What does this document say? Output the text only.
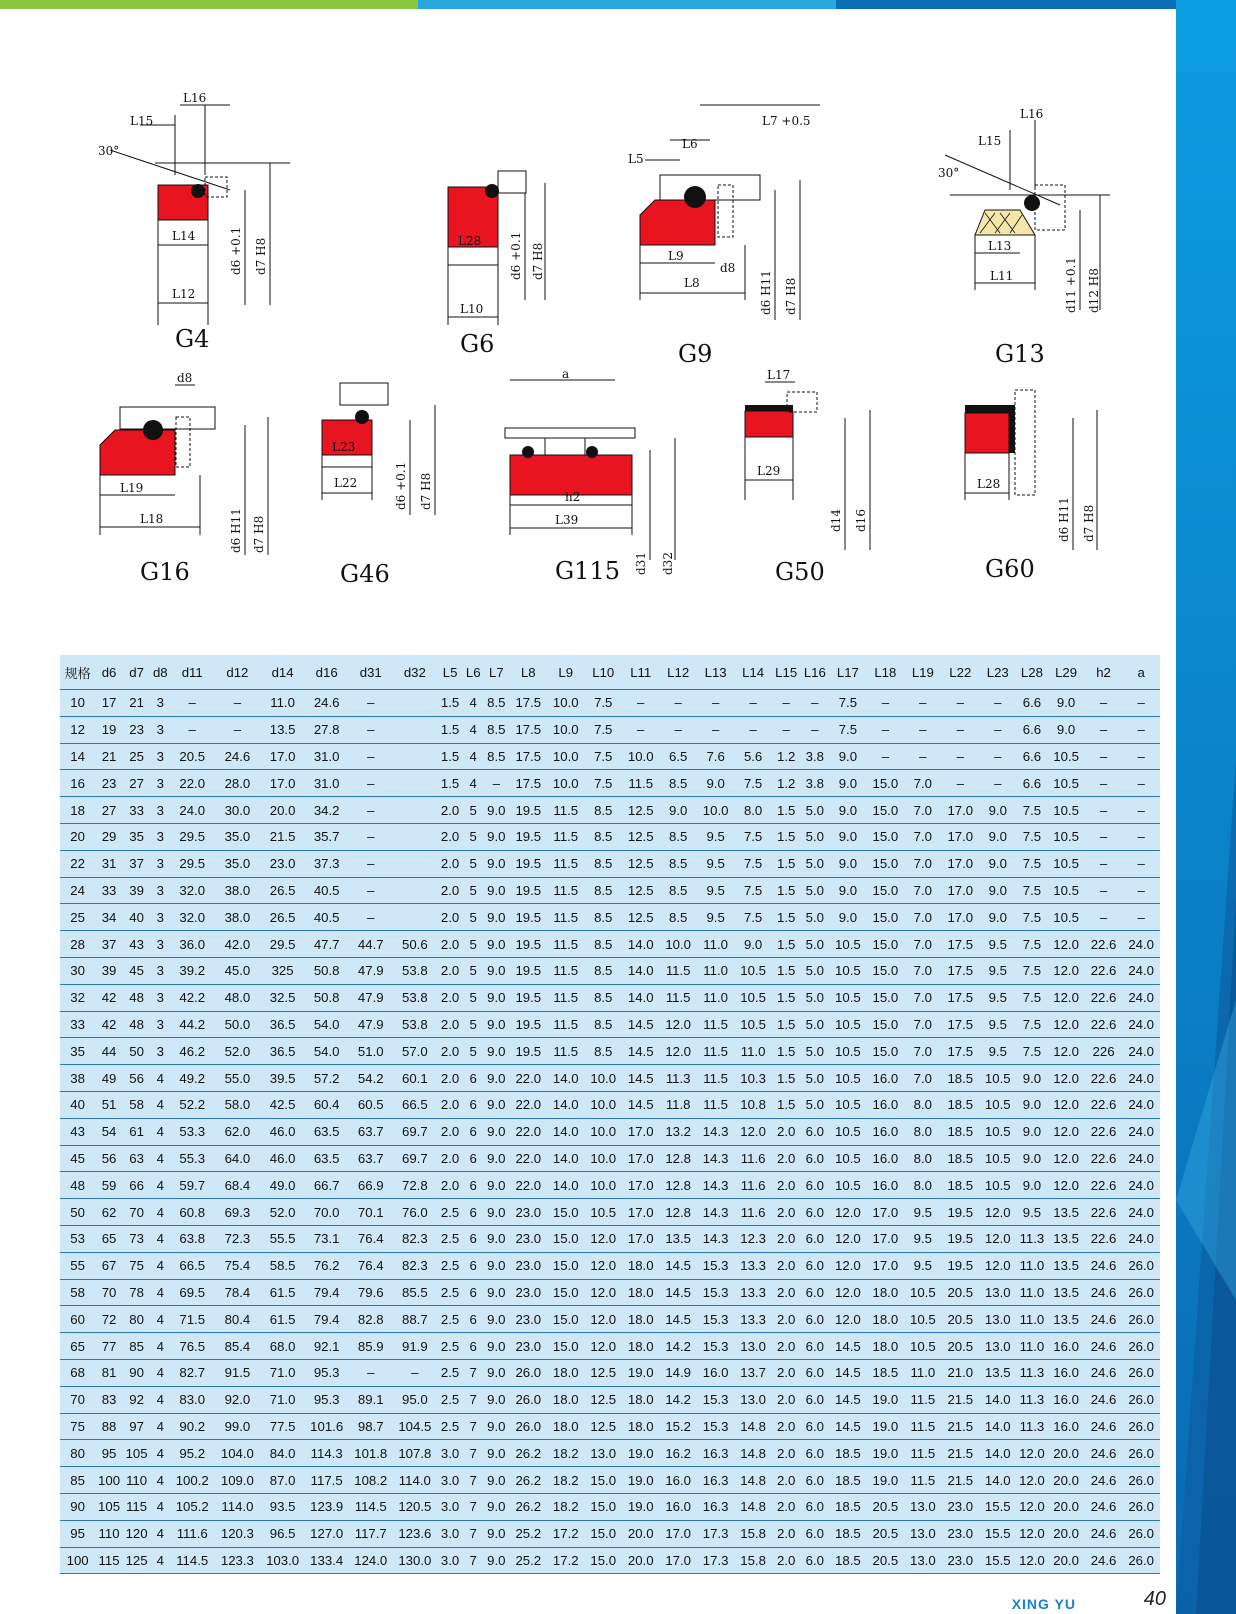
L15
L16
30°
L14
L12
d6 +0.1 d7 H8
G4
L28
L10
d6 +0.1 d7 H8
G6
L7 +0.5
L6
L5
L9
d8
L8	d6 H11 d7 H8
G9
L16
L15
30°
L13
L11	d11 +0.1 d12 H8
G13
d8
L19
L18	d6 H11 d7 H8
G16
L23
L22	d6 +0.1 d7 H8
G46
a
h2
L39
d31 d32
G115
L17
L29
d14 d16
G50
L28
d6 H11 d7 H8
G60
规格	d6	d7	d8	d11	d12	d14	d16	d31	d32	L5	L6	L7	L8	L9	L10	L11	L12	L13	L14	L15	L16	L17	L18	L19	L22	L23	L28	L29	h2	a
10	17	21	3	–	–	11.0	24.6	–		1.5	4	8.5	17.5	10.0	7.5	–	–	–	–	–	–	7.5	–	–	–	–	6.6	9.0	–	–
12	19	23	3	–	–	13.5	27.8	–		1.5	4	8.5	17.5	10.0	7.5	–	–	–	–	–	–	7.5	–	–	–	–	6.6	9.0	–	–
14	21	25	3	20.5	24.6	17.0	31.0	–		1.5	4	8.5	17.5	10.0	7.5	10.0	6.5	7.6	5.6	1.2	3.8	9.0	–	–	–	–	6.6	10.5	–	–
16	23	27	3	22.0	28.0	17.0	31.0	–		1.5	4	–	17.5	10.0	7.5	11.5	8.5	9.0	7.5	1.2	3.8	9.0	15.0	7.0	–	–	6.6	10.5	–	–
18	27	33	3	24.0	30.0	20.0	34.2	–		2.0	5	9.0	19.5	11.5	8.5	12.5	9.0	10.0	8.0	1.5	5.0	9.0	15.0	7.0	17.0	9.0	7.5	10.5	–	–
20	29	35	3	29.5	35.0	21.5	35.7	–		2.0	5	9.0	19.5	11.5	8.5	12.5	8.5	9.5	7.5	1.5	5.0	9.0	15.0	7.0	17.0	9.0	7.5	10.5	–	–
22	31	37	3	29.5	35.0	23.0	37.3	–		2.0	5	9.0	19.5	11.5	8.5	12.5	8.5	9.5	7.5	1.5	5.0	9.0	15.0	7.0	17.0	9.0	7.5	10.5	–	–
24	33	39	3	32.0	38.0	26.5	40.5	–		2.0	5	9.0	19.5	11.5	8.5	12.5	8.5	9.5	7.5	1.5	5.0	9.0	15.0	7.0	17.0	9.0	7.5	10.5	–	–
25	34	40	3	32.0	38.0	26.5	40.5	–		2.0	5	9.0	19.5	11.5	8.5	12.5	8.5	9.5	7.5	1.5	5.0	9.0	15.0	7.0	17.0	9.0	7.5	10.5	–	–
28	37	43	3	36.0	42.0	29.5	47.7	44.7	50.6	2.0	5	9.0	19.5	11.5	8.5	14.0	10.0	11.0	9.0	1.5	5.0	10.5	15.0	7.0	17.5	9.5	7.5	12.0	22.6	24.0
30	39	45	3	39.2	45.0	325	50.8	47.9	53.8	2.0	5	9.0	19.5	11.5	8.5	14.0	11.5	11.0	10.5	1.5	5.0	10.5	15.0	7.0	17.5	9.5	7.5	12.0	22.6	24.0
32	42	48	3	42.2	48.0	32.5	50.8	47.9	53.8	2.0	5	9.0	19.5	11.5	8.5	14.0	11.5	11.0	10.5	1.5	5.0	10.5	15.0	7.0	17.5	9.5	7.5	12.0	22.6	24.0
33	42	48	3	44.2	50.0	36.5	54.0	47.9	53.8	2.0	5	9.0	19.5	11.5	8.5	14.5	12.0	11.5	10.5	1.5	5.0	10.5	15.0	7.0	17.5	9.5	7.5	12.0	22.6	24.0
35	44	50	3	46.2	52.0	36.5	54.0	51.0	57.0	2.0	5	9.0	19.5	11.5	8.5	14.5	12.0	11.5	11.0	1.5	5.0	10.5	15.0	7.0	17.5	9.5	7.5	12.0	226	24.0
38	49	56	4	49.2	55.0	39.5	57.2	54.2	60.1	2.0	6	9.0	22.0	14.0	10.0	14.5	11.3	11.5	10.3	1.5	5.0	10.5	16.0	7.0	18.5	10.5	9.0	12.0	22.6	24.0
40	51	58	4	52.2	58.0	42.5	60.4	60.5	66.5	2.0	6	9.0	22.0	14.0	10.0	14.5	11.8	11.5	10.8	1.5	5.0	10.5	16.0	8.0	18.5	10.5	9.0	12.0	22.6	24.0
43	54	61	4	53.3	62.0	46.0	63.5	63.7	69.7	2.0	6	9.0	22.0	14.0	10.0	17.0	13.2	14.3	12.0	2.0	6.0	10.5	16.0	8.0	18.5	10.5	9.0	12.0	22.6	24.0
45	56	63	4	55.3	64.0	46.0	63.5	63.7	69.7	2.0	6	9.0	22.0	14.0	10.0	17.0	12.8	14.3	11.6	2.0	6.0	10.5	16.0	8.0	18.5	10.5	9.0	12.0	22.6	24.0
48	59	66	4	59.7	68.4	49.0	66.7	66.9	72.8	2.0	6	9.0	22.0	14.0	10.0	17.0	12.8	14.3	11.6	2.0	6.0	10.5	16.0	8.0	18.5	10.5	9.0	12.0	22.6	24.0
50	62	70	4	60.8	69.3	52.0	70.0	70.1	76.0	2.5	6	9.0	23.0	15.0	10.5	17.0	12.8	14.3	11.6	2.0	6.0	12.0	17.0	9.5	19.5	12.0	9.5	13.5	22.6	24.0
53	65	73	4	63.8	72.3	55.5	73.1	76.4	82.3	2.5	6	9.0	23.0	15.0	12.0	17.0	13.5	14.3	12.3	2.0	6.0	12.0	17.0	9.5	19.5	12.0	11.3	13.5	22.6	24.0
55	67	75	4	66.5	75.4	58.5	76.2	76.4	82.3	2.5	6	9.0	23.0	15.0	12.0	18.0	14.5	15.3	13.3	2.0	6.0	12.0	17.0	9.5	19.5	12.0	11.0	13.5	24.6	26.0
58	70	78	4	69.5	78.4	61.5	79.4	79.6	85.5	2.5	6	9.0	23.0	15.0	12.0	18.0	14.5	15.3	13.3	2.0	6.0	12.0	18.0	10.5	20.5	13.0	11.0	13.5	24.6	26.0
60	72	80	4	71.5	80.4	61.5	79.4	82.8	88.7	2.5	6	9.0	23.0	15.0	12.0	18.0	14.5	15.3	13.3	2.0	6.0	12.0	18.0	10.5	20.5	13.0	11.0	13.5	24.6	26.0
65	77	85	4	76.5	85.4	68.0	92.1	85.9	91.9	2.5	6	9.0	23.0	15.0	12.0	18.0	14.2	15.3	13.0	2.0	6.0	14.5	18.0	10.5	20.5	13.0	11.0	16.0	24.6	26.0
68	81	90	4	82.7	91.5	71.0	95.3	–	–	2.5	7	9.0	26.0	18.0	12.5	19.0	14.9	16.0	13.7	2.0	6.0	14.5	18.5	11.0	21.0	13.5	11.3	16.0	24.6	26.0
70	83	92	4	83.0	92.0	71.0	95.3	89.1	95.0	2.5	7	9.0	26.0	18.0	12.5	18.0	14.2	15.3	13.0	2.0	6.0	14.5	19.0	11.5	21.5	14.0	11.3	16.0	24.6	26.0
75	88	97	4	90.2	99.0	77.5	101.6	98.7	104.5	2.5	7	9.0	26.0	18.0	12.5	18.0	15.2	15.3	14.8	2.0	6.0	14.5	19.0	11.5	21.5	14.0	11.3	16.0	24.6	26.0
80	95	105	4	95.2	104.0	84.0	114.3	101.8	107.8	3.0	7	9.0	26.2	18.2	13.0	19.0	16.2	16.3	14.8	2.0	6.0	18.5	19.0	11.5	21.5	14.0	12.0	20.0	24.6	26.0
85	100	110	4	100.2	109.0	87.0	117.5	108.2	114.0	3.0	7	9.0	26.2	18.2	15.0	19.0	16.0	16.3	14.8	2.0	6.0	18.5	19.0	11.5	21.5	14.0	12.0	20.0	24.6	26.0
90	105	115	4	105.2	114.0	93.5	123.9	114.5	120.5	3.0	7	9.0	26.2	18.2	15.0	19.0	16.0	16.3	14.8	2.0	6.0	18.5	20.5	13.0	23.0	15.5	12.0	20.0	24.6	26.0
95	110	120	4	111.6	120.3	96.5	127.0	117.7	123.6	3.0	7	9.0	25.2	17.2	15.0	20.0	17.0	17.3	15.8	2.0	6.0	18.5	20.5	13.0	23.0	15.5	12.0	20.0	24.6	26.0
100	115	125	4	114.5	123.3	103.0	133.4	124.0	130.0	3.0	7	9.0	25.2	17.2	15.0	20.0	17.0	17.3	15.8	2.0	6.0	18.5	20.5	13.0	23.0	15.5	12.0	20.0	24.6	26.0
XING YU	40
